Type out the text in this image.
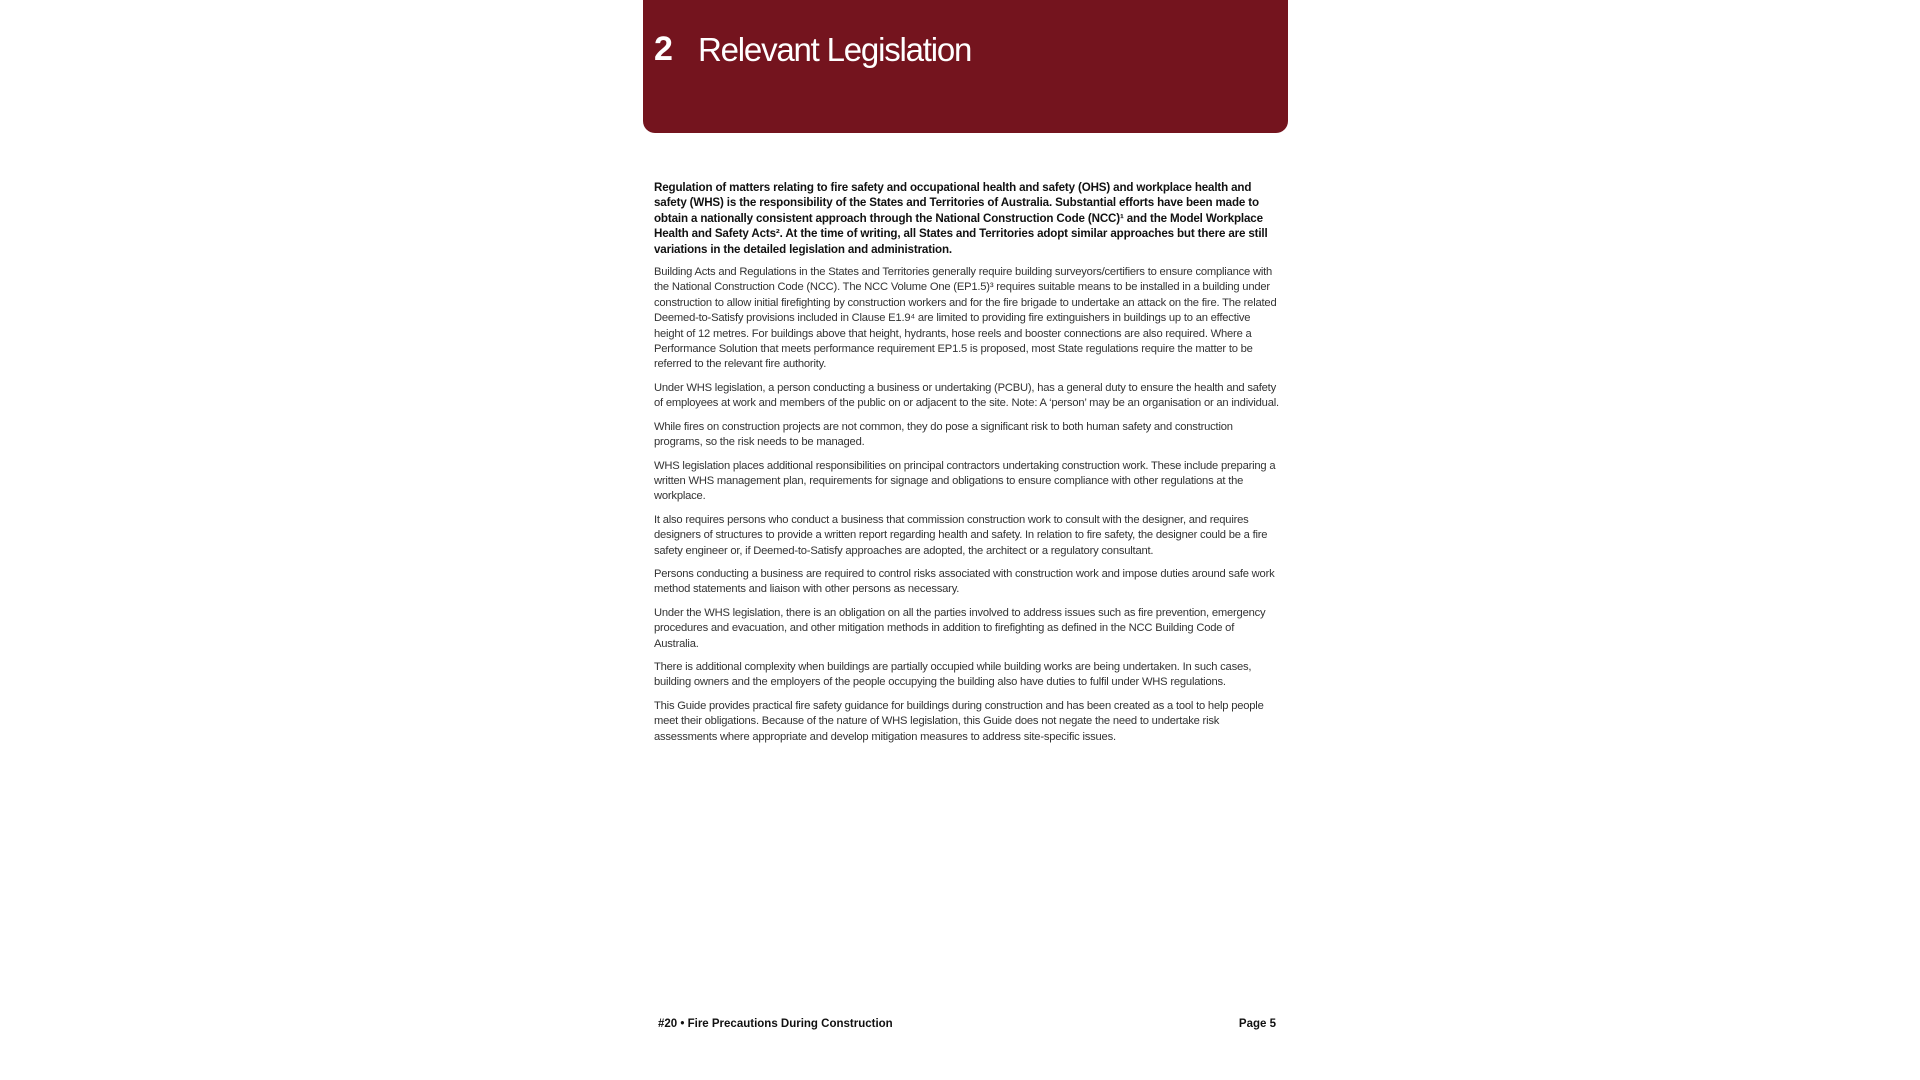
2 Relevant Legislation

Regulation of matters relating to fire safety and occupational health and safety (OHS) and workplace health and safety (WHS) is the responsibility of the States and Territories of Australia. Substantial efforts have been made to obtain a nationally consistent approach through the National Construction Code (NCC)¹ and the Model Workplace Health and Safety Acts². At the time of writing, all States and Territories adopt similar approaches but there are still variations in the detailed legislation and administration.

Building Acts and Regulations in the States and Territories generally require building surveyors/certifiers to ensure compliance with the National Construction Code (NCC). The NCC Volume One (EP1.5)³ requires suitable means to be installed in a building under construction to allow initial firefighting by construction workers and for the fire brigade to undertake an attack on the fire. The related Deemed-to-Satisfy provisions included in Clause E1.9⁴ are limited to providing fire extinguishers in buildings up to an effective height of 12 metres. For buildings above that height, hydrants, hose reels and booster connections are also required. Where a Performance Solution that meets performance requirement EP1.5 is proposed, most State regulations require the matter to be referred to the relevant fire authority.

Under WHS legislation, a person conducting a business or undertaking (PCBU), has a general duty to ensure the health and safety of employees at work and members of the public on or adjacent to the site. Note: A ‘person’ may be an organisation or an individual.

While fires on construction projects are not common, they do pose a significant risk to both human safety and construction programs, so the risk needs to be managed.

WHS legislation places additional responsibilities on principal contractors undertaking construction work. These include preparing a written WHS management plan, requirements for signage and obligations to ensure compliance with other regulations at the workplace.

It also requires persons who conduct a business that commission construction work to consult with the designer, and requires designers of structures to provide a written report regarding health and safety. In relation to fire safety, the designer could be a fire safety engineer or, if Deemed-to-Satisfy approaches are adopted, the architect or a regulatory consultant.

Persons conducting a business are required to control risks associated with construction work and impose duties around safe work method statements and liaison with other persons as necessary.

Under the WHS legislation, there is an obligation on all the parties involved to address issues such as fire prevention, emergency procedures and evacuation, and other mitigation methods in addition to firefighting as defined in the NCC Building Code of Australia.

There is additional complexity when buildings are partially occupied while building works are being undertaken. In such cases, building owners and the employers of the people occupying the building also have duties to fulfil under WHS regulations.

This Guide provides practical fire safety guidance for buildings during construction and has been created as a tool to help people meet their obligations. Because of the nature of WHS legislation, this Guide does not negate the need to undertake risk assessments where appropriate and develop mitigation measures to address site-specific issues.

#20 • Fire Precautions During Construction	Page 5
